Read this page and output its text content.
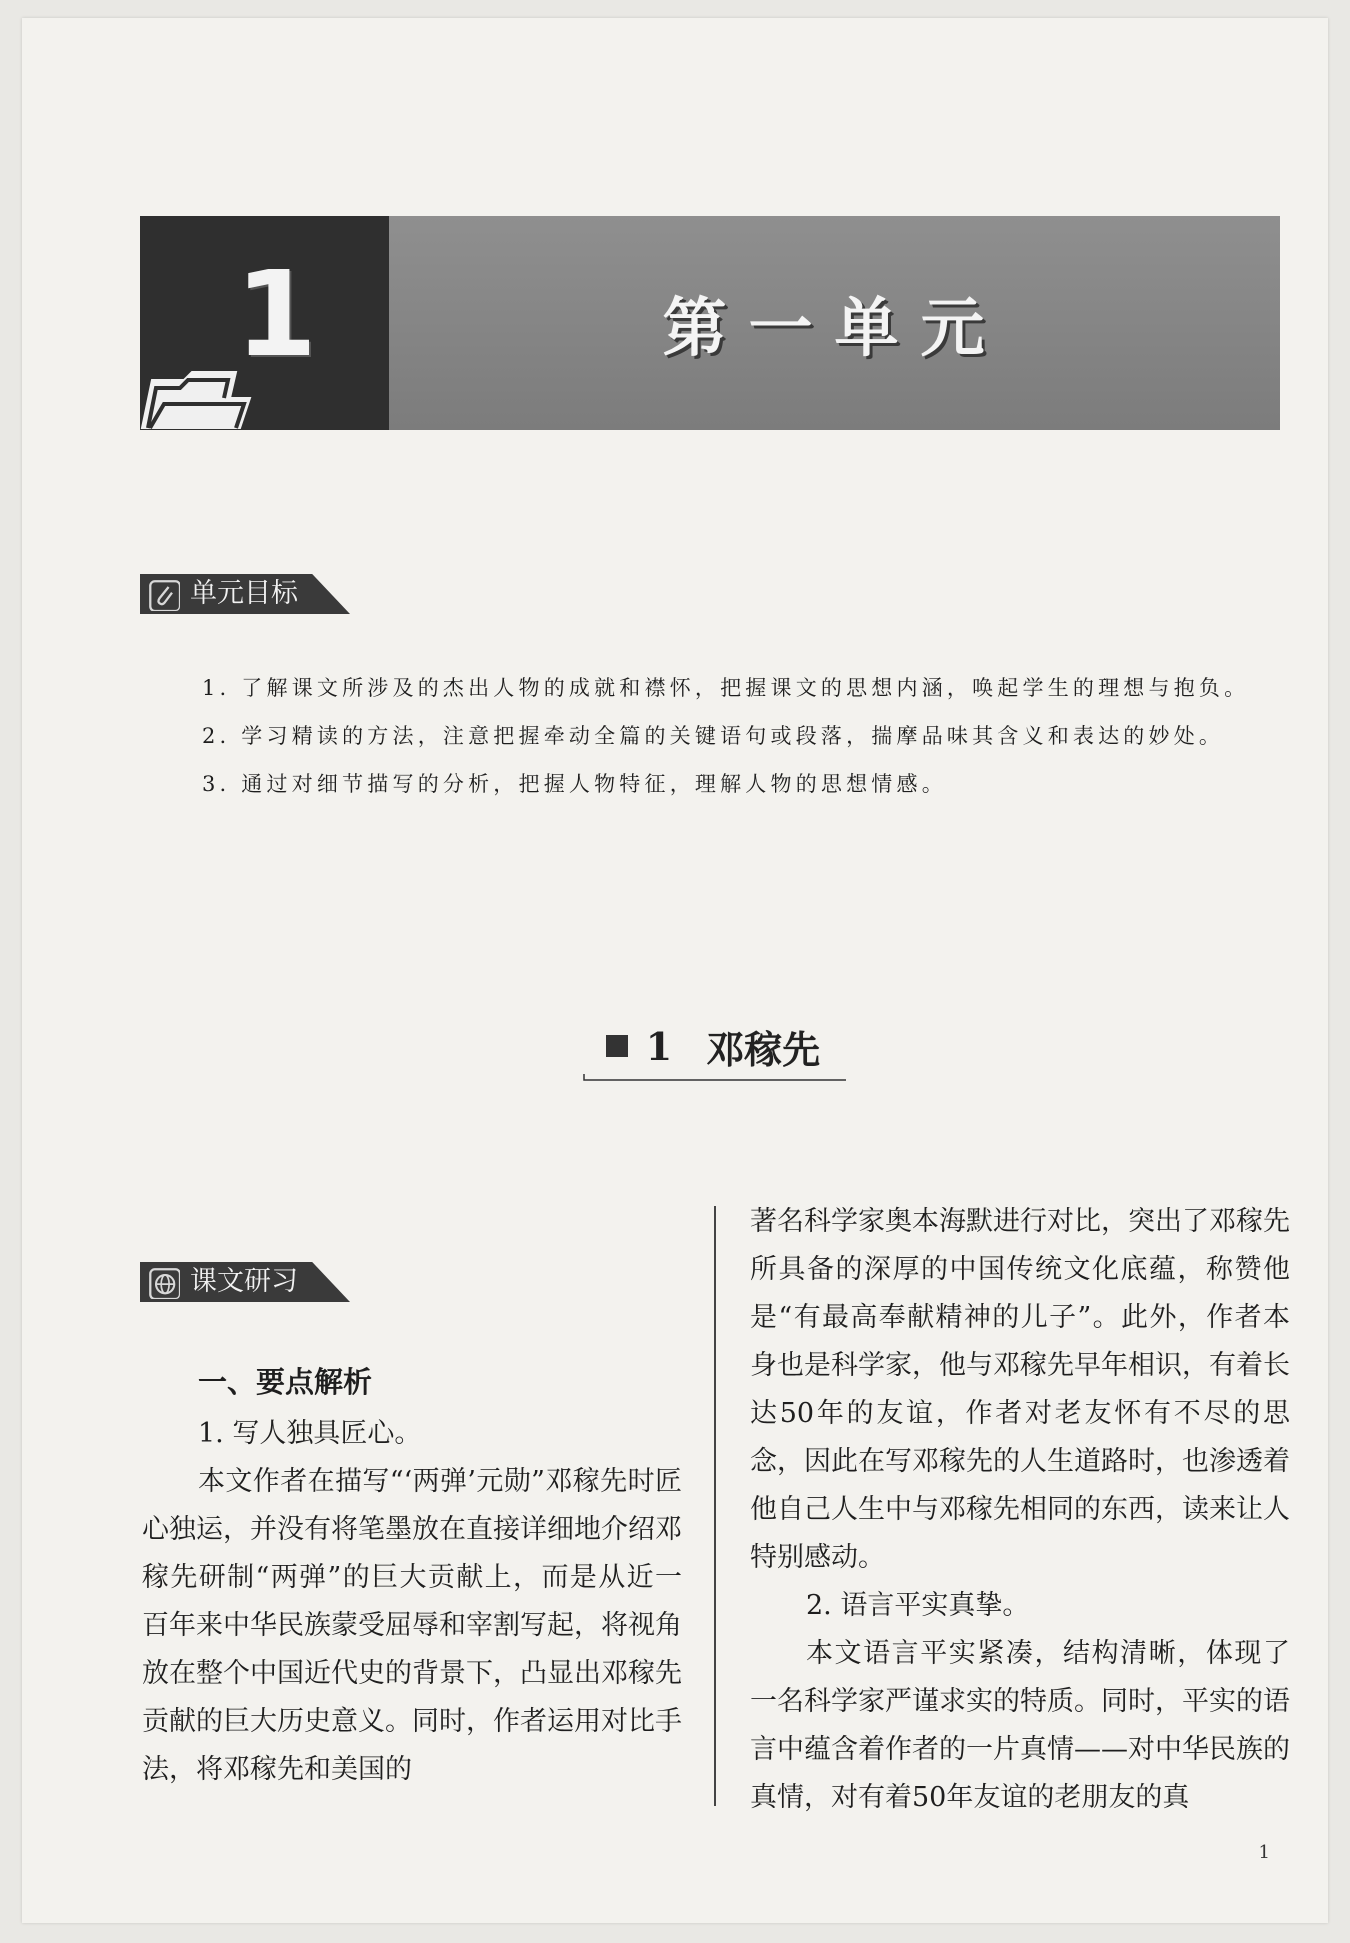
1	第一单元
单元目标

1. 了解课文所涉及的杰出人物的成就和襟怀，把握课文的思想内涵，唤起学生的理想与抱负。

2. 学习精读的方法，注意把握牵动全篇的关键语句或段落，揣摩品味其含义和表达的妙处。

3. 通过对细节描写的分析，把握人物特征，理解人物的思想情感。

1 邓稼先
课文研习

一、要点解析

1. 写人独具匠心。

本文作者在描写“‘两弹’元勋”邓稼先时匠心独运，并没有将笔墨放在直接详细地介绍邓稼先研制“两弹”的巨大贡献上，而是从近一百年来中华民族蒙受屈辱和宰割写起，将视角放在整个中国近代史的背景下，凸显出邓稼先贡献的巨大历史意义。同时，作者运用对比手法，将邓稼先和美国的

著名科学家奥本海默进行对比，突出了邓稼先所具备的深厚的中国传统文化底蕴，称赞他是“有最高奉献精神的儿子”。此外，作者本身也是科学家，他与邓稼先早年相识，有着长达50年的友谊，作者对老友怀有不尽的思念，因此在写邓稼先的人生道路时，也渗透着他自己人生中与邓稼先相同的东西，读来让人特别感动。

2. 语言平实真挚。

本文语言平实紧凑，结构清晰，体现了一名科学家严谨求实的特质。同时，平实的语言中蕴含着作者的一片真情——对中华民族的真情，对有着50年友谊的老朋友的真

1
